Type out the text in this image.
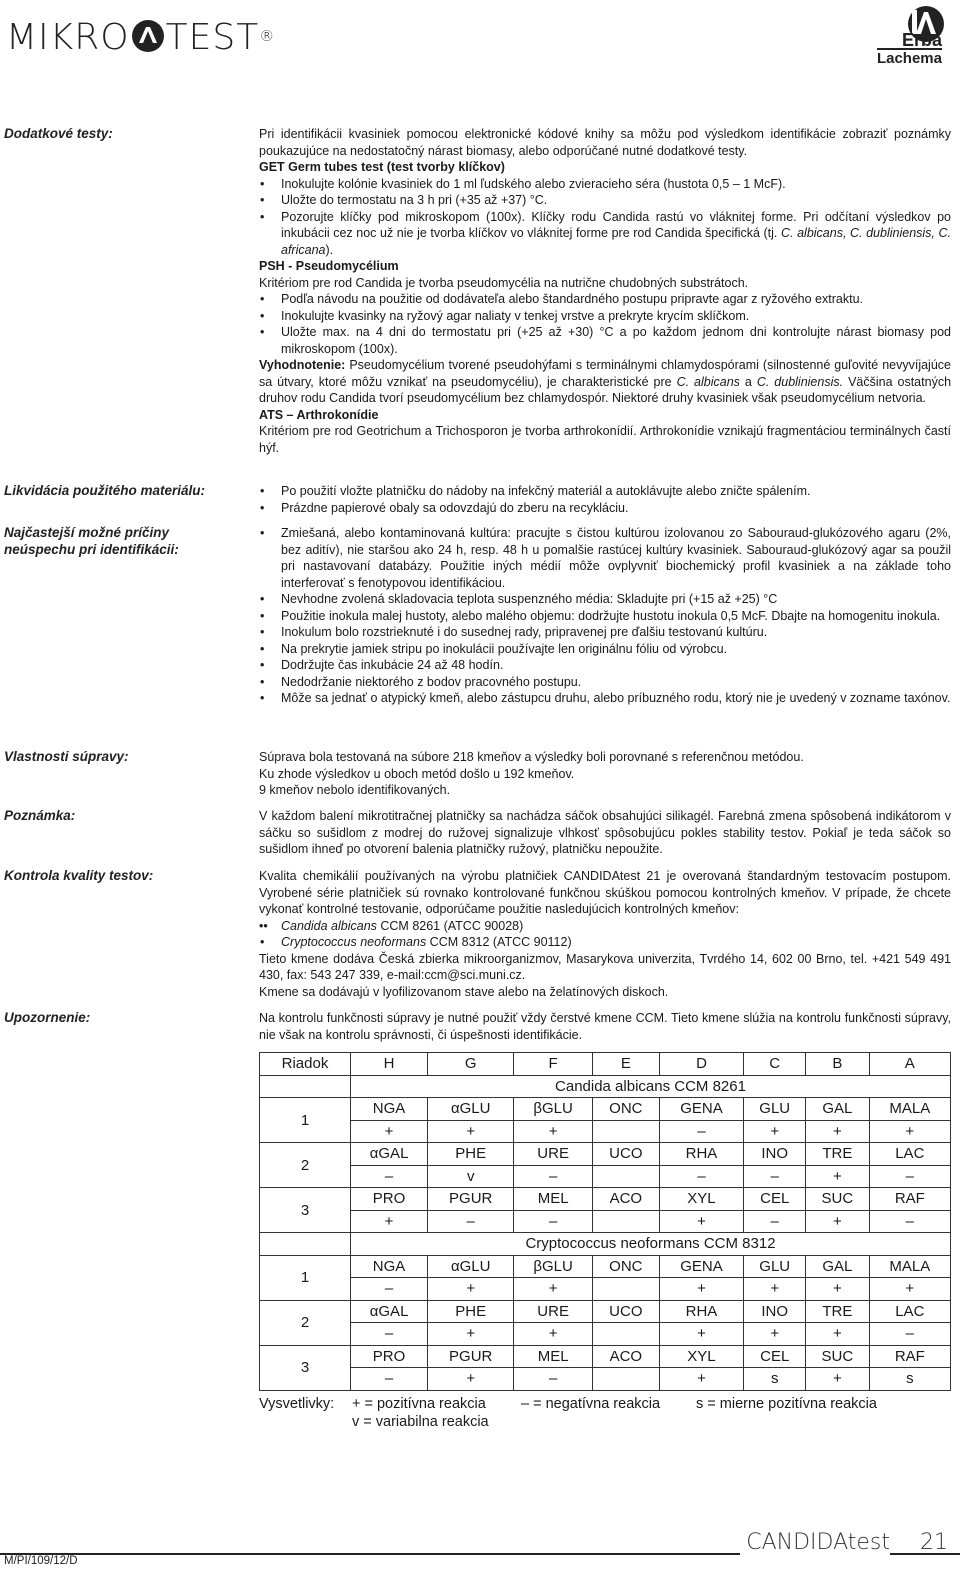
MIKRO TEST®	Erba
Lachema
Dodatkové testy:	Pri identifikácii kvasiniek pomocou elektronické kódové knihy sa môžu pod výsledkom identifikácie zobraziť poznámky poukazujúce na nedostatočný nárast biomasy, alebo odporúčané nutné dodatkové testy.

GET Germ tubes test (test tvorby klíčkov)

• Inokulujte kolónie kvasiniek do 1 ml ľudského alebo zvieracieho séra (hustota 0,5 – 1 McF).

• Uložte do termostatu na 3 h pri (+35 až +37) °C.

• Pozorujte klíčky pod mikroskopom (100x). Klíčky rodu Candida rastú vo vláknitej forme. Pri odčítaní výsledkov po inkubácii cez noc už nie je tvorba klíčkov vo vláknitej forme pre rod Candida špecifická (tj. C. albicans, C. dubliniensis, C. africana).

PSH - Pseudomycélium

Kritériom pre rod Candida je tvorba pseudomycélia na nutrične chudobných substrátoch.

• Podľa návodu na použitie od dodávateľa alebo štandardného postupu pripravte agar z ryžového extraktu.

• Inokulujte kvasinky na ryžový agar naliaty v tenkej vrstve a prekryte krycím sklíčkom.

• Uložte max. na 4 dni do termostatu pri (+25 až +30) °C a po každom jednom dni kontrolujte nárast biomasy pod mikroskopom (100x).

Vyhodnotenie: Pseudomycélium tvorené pseudohýfami s terminálnymi chlamydospórami (silnostenné guľovité nevyvíjajúce sa útvary, ktoré môžu vznikať na pseudomycéliu), je charakteristické pre C. albicans a C. dubliniensis. Väčšina ostatných druhov rodu Candida tvorí pseudomycélium bez chlamydospór. Niektoré druhy kvasiniek však pseudomycélium netvoria.

ATS – Arthrokonídie

Kritériom pre rod Geotrichum a Trichosporon je tvorba arthrokonídií. Arthrokonídie vznikajú fragmentáciou terminálnych častí hýf.

Likvidácia použitého materiálu:	• Po použití vložte platničku do nádoby na infekčný materiál a autoklávujte alebo zničte spálením.

• Prázdne papierové obaly sa odovzdajú do zberu na recykláciu.

Najčastejší možné príčiny neúspechu pri identifikácii:

• Zmiešaná, alebo kontaminovaná kultúra: pracujte s čistou kultúrou izolovanou zo Sabouraud-glukózového agaru (2%, bez aditív), nie staršou ako 24 h, resp. 48 h u pomalšie rastúcej kultúry kvasiniek. Sabouraud-glukózový agar sa použil pri nastavovaní databázy. Použitie iných médií môže ovplyvniť biochemický profil kvasiniek a na základe toho interferovať s fenotypovou identifikáciou.

• Nevhodne zvolená skladovacia teplota suspenzného média: Skladujte pri (+15 až +25) °C

• Použitie inokula malej hustoty, alebo malého objemu: dodržujte hustotu inokula 0,5 McF. Dbajte na homogenitu inokula.

• Inokulum bolo rozstrieknuté i do susednej rady, pripravenej pre ďalšiu testovanú kultúru.

• Na prekrytie jamiek stripu po inokulácii používajte len originálnu fóliu od výrobcu.

• Dodržujte čas inkubácie 24 až 48 hodín.

• Nedodržanie niektorého z bodov pracovného postupu.

• Môže sa jednať o atypický kmeň, alebo zástupcu druhu, alebo príbuzného rodu, ktorý nie je uvedený v zozname taxónov.

Vlastnosti súpravy:	Súprava bola testovaná na súbore 218 kmeňov a výsledky boli porovnané s referenčnou metódou.

Ku zhode výsledkov u oboch metód došlo u 192 kmeňov.

9 kmeňov nebolo identifikovaných.

Poznámka:	V každom balení mikrotitračnej platničky sa nachádza sáčok obsahujúci silikagél. Farebná zmena spôsobená indikátorom v sáčku so sušidlom z modrej do ružovej signalizuje vlhkosť spôsobujúcu pokles stability testov. Pokiaľ je teda sáčok so sušidlom ihneď po otvorení balenia platničky ružový, platničku nepoužite.

Kontrola kvality testov:	Kvalita chemikálií používaných na výrobu platničiek CANDIDAtest 21 je overovaná štandardným testovacím postupom. Vyrobené série platničiek sú rovnako kontrolované funkčnou skúškou pomocou kontrolných kmeňov. V prípade, že chcete vykonať kontrolné testovanie, odporúčame použitie nasledujúcich kontrolných kmeňov:

•• Candida albicans CCM 8261 (ATCC 90028)

• Cryptococcus neoformans CCM 8312 (ATCC 90112)

Tieto kmene dodáva Česká zbierka mikroorganizmov, Masarykova univerzita, Tvrdého 14, 602 00 Brno, tel. +421 549 491 430, fax: 543 247 339, e-mail:ccm@sci.muni.cz.

Kmene sa dodávajú v lyofilizovanom stave alebo na želatínových diskoch.

Upozornenie:	Na kontrolu funkčnosti súpravy je nutné použiť vždy čerstvé kmene CCM. Tieto kmene slúžia na kontrolu funkčnosti súpravy, nie však na kontrolu správnosti, či úspešnosti identifikácie.

Riadok	H	G	F	E	D	C	B	A
	Candida albicans CCM 8261							
1	NGA	αGLU	βGLU	ONC	GENA	GLU	GAL	MALA
	+	+	+		–	+	+	+
2	αGAL	PHE	URE	UCO	RHA	INO	TRE	LAC
	–	v	–		–	–	+	–
3	PRO	PGUR	MEL	ACO	XYL	CEL	SUC	RAF
	+	–	–		+	–	+	–
	Cryptococcus neoformans CCM 8312							
1	NGA	αGLU	βGLU	ONC	GENA	GLU	GAL	MALA
	–	+	+		+	+	+	+
2	αGAL	PHE	URE	UCO	RHA	INO	TRE	LAC
	–	+	+		+	+	+	–
3	PRO	PGUR	MEL	ACO	XYL	CEL	SUC	RAF
	–	+	–		+	s	+	s
Vysvetlivky: + = pozitívna reakcia – = negatívna reakcia s = mierne pozitívna reakcia
v = variabilna reakcia
CANDIDAtest 21
M/PI/109/12/D
